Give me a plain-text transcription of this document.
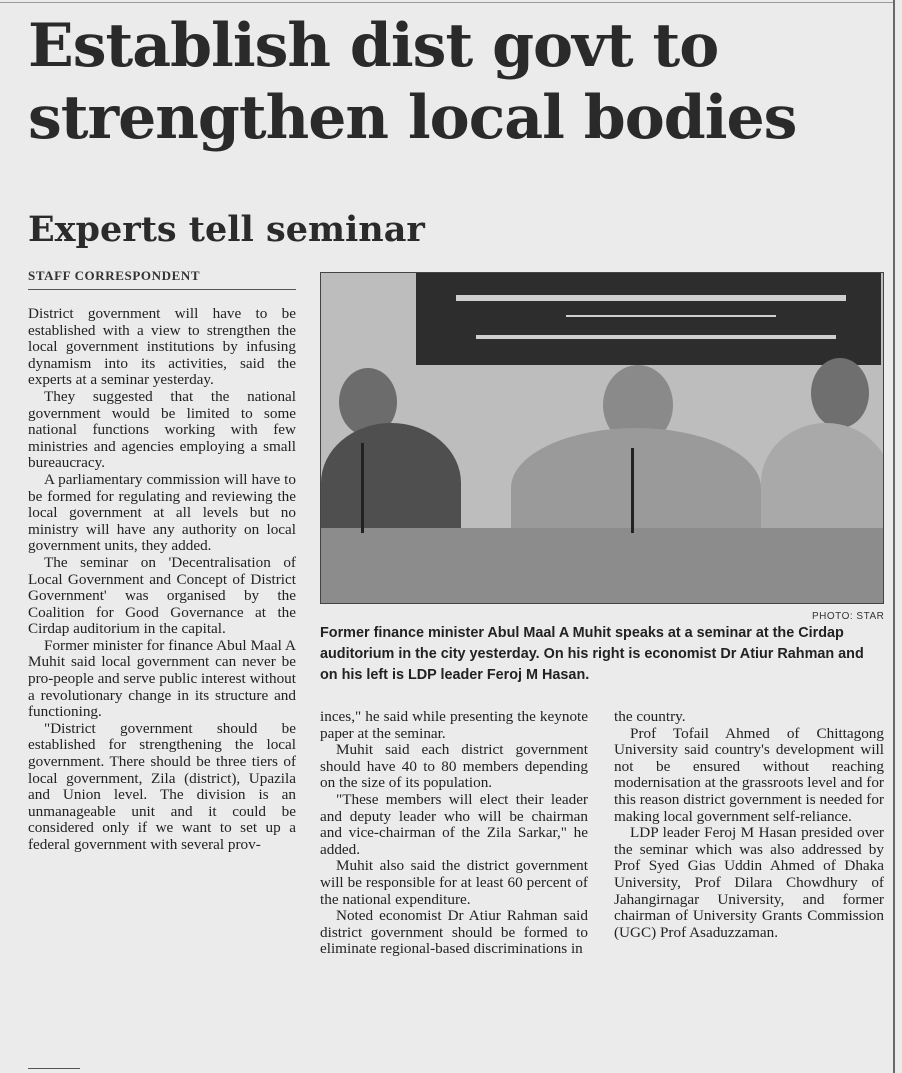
Establish dist govt to
strengthen local bodies
Experts tell seminar
STAFF CORRESPONDENT

District government will have to be established with a view to strengthen the local government institutions by infusing dynamism into its activities, said the experts at a seminar yesterday.

They suggested that the national government would be limited to some national functions working with few ministries and agencies employing a small bureaucracy.

A parliamentary commission will have to be formed for regulating and reviewing the local government at all levels but no ministry will have any authority on local government units, they added.

The seminar on 'Decentralisation of Local Government and Concept of District Government' was organised by the Coalition for Good Governance at the Cirdap auditorium in the capital.

Former minister for finance Abul Maal A Muhit said local government can never be pro-people and serve public interest without a revolutionary change in its structure and functioning.

"District government should be established for strengthening the local government. There should be three tiers of local government, Zila (district), Upazila and Union level. The division is an unmanageable unit and it could be considered only if we want to set up a federal government with several prov-

PHOTO: STAR
Former finance minister Abul Maal A Muhit speaks at a seminar at the Cirdap auditorium in the city yesterday. On his right is economist Dr Atiur Rahman and on his left is LDP leader Feroj M Hasan.

inces," he said while presenting the keynote paper at the seminar.

Muhit said each district government should have 40 to 80 members depending on the size of its population.

"These members will elect their leader and deputy leader who will be chairman and vice-chairman of the Zila Sarkar," he added.

Muhit also said the district government will be responsible for at least 60 percent of the national expenditure.

Noted economist Dr Atiur Rahman said district government should be formed to eliminate regional-based discriminations in

the country.

Prof Tofail Ahmed of Chittagong University said country's development will not be ensured without reaching modernisation at the grassroots level and for this reason district government is needed for making local government self-reliance.

LDP leader Feroj M Hasan presided over the seminar which was also addressed by Prof Syed Gias Uddin Ahmed of Dhaka University, Prof Dilara Chowdhury of Jahangirnagar University, and former chairman of University Grants Commission (UGC) Prof Asaduzzaman.
